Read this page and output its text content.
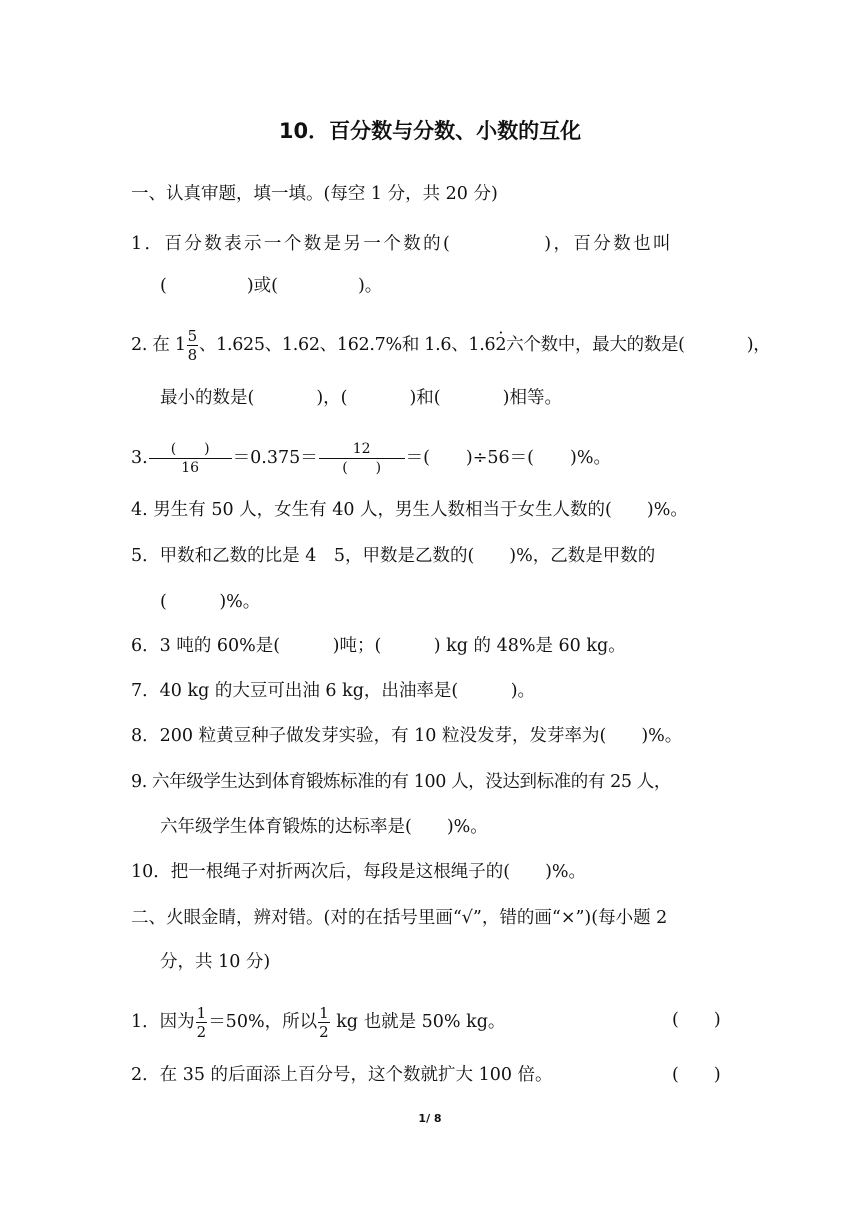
10．百分数与分数、小数的互化
一、认真审题，填一填。(每空 1 分，共 20 分)
1．百分数表示一个数是另一个数的(	)，百分数也叫
(	)或(	)。
2. 在 $1 \frac{5}{8}$ 、1.625、1.62、162.7%和 1.6、1.62 ·六个数中，最大的数是(	)，
最小的数是(	)，(	)和(	)相等。
3. $\frac{( )}{16} =0.375= \frac{12}{( )}$ ＝( )÷56＝( )%。
4. 男生有 50 人，女生有 40 人，男生人数相当于女生人数的(　　)%。
5．甲数和乙数的比是 4　5，甲数是乙数的(　　)%，乙数是甲数的
(　　　)%。
6．3 吨的 60%是(　　　)吨；(　　　) kg 的 48%是 60 kg。
7．40 kg 的大豆可出油 6 kg，出油率是(　　　)。
8．200 粒黄豆种子做发芽实验，有 10 粒没发芽，发芽率为(　　)%。
9. 六年级学生达到体育锻炼标准的有 100 人，没达到标准的有 25 人，
六年级学生体育锻炼的达标率是(　　)%。
10．把一根绳子对折两次后，每段是这根绳子的(　　)%。
二、火眼金睛，辨对错。(对的在括号里画“√”，错的画“×”)(每小题 2
分，共 10 分)
1．因为 $\frac{1}{2} =50\%$，所以 $\frac{1}{2}$ kg 也就是 50% kg。	(　　)
2．在 35 的后面添上百分号，这个数就扩大 100 倍。	(　　)
1/ 8
